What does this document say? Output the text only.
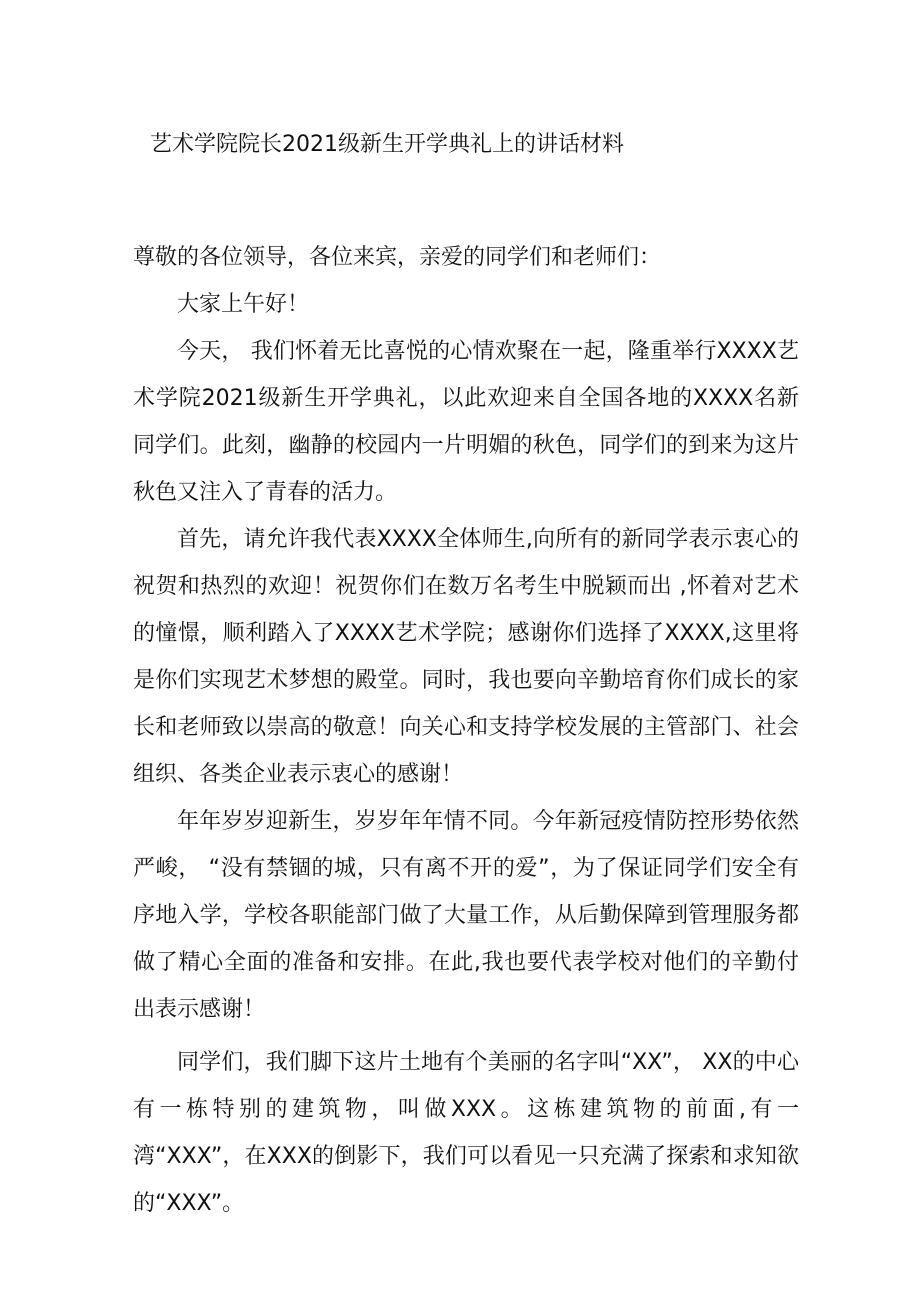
艺术学院院长2021级新生开学典礼上的讲话材料

尊敬的各位领导，各位来宾，亲爱的同学们和老师们：

大家上午好！

今天， 我们怀着无比喜悦的心情欢聚在一起，隆重举行XXXX艺术学院2021级新生开学典礼，以此欢迎来自全国各地的XXXX名新同学们。此刻，幽静的校园内一片明媚的秋色，同学们的到来为这片秋色又注入了青春的活力。

首先，请允许我代表XXXX全体师生,向所有的新同学表示衷心的祝贺和热烈的欢迎！祝贺你们在数万名考生中脱颖而出 ,怀着对艺术的憧憬，顺利踏入了XXXX艺术学院；感谢你们选择了XXXX,这里将是你们实现艺术梦想的殿堂。同时，我也要向辛勤培育你们成长的家长和老师致以崇高的敬意！向关心和支持学校发展的主管部门、社会组织、各类企业表示衷心的感谢！

年年岁岁迎新生，岁岁年年情不同。今年新冠疫情防控形势依然严峻， “没有禁锢的城，只有离不开的爱”，为了保证同学们安全有序地入学，学校各职能部门做了大量工作，从后勤保障到管理服务都做了精心全面的准备和安排。在此,我也要代表学校对他们的辛勤付出表示感谢！

同学们，我们脚下这片土地有个美丽的名字叫“XX”， XX的中心有一栋特别的建筑物，叫做XXX。这栋建筑物的前面,有一湾“XXX”，在XXX的倒影下，我们可以看见一只充满了探索和求知欲的“XXX”。
